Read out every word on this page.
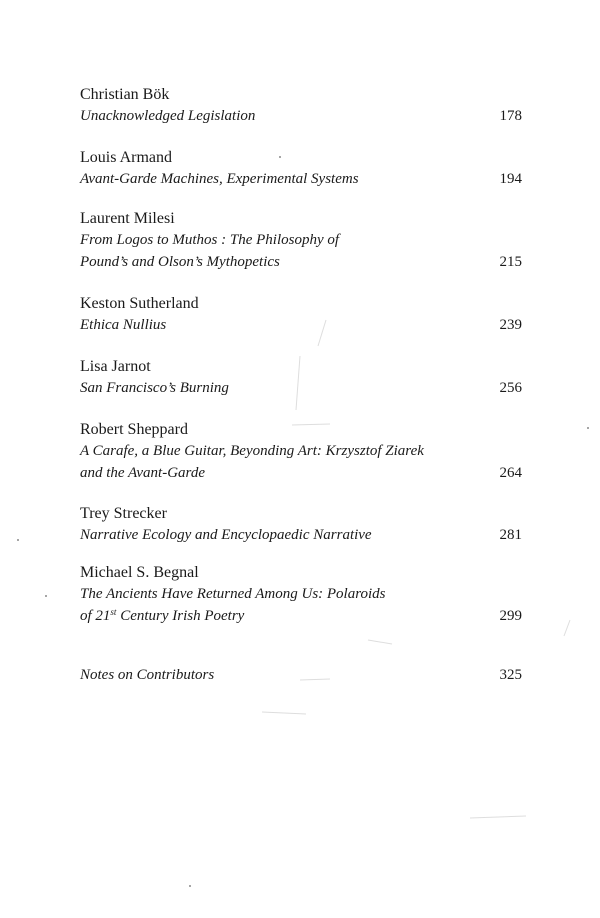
Christian Bök

Unacknowledged Legislation	178

Louis Armand

Avant-Garde Machines, Experimental Systems	194

Laurent Milesi

From Logos to Muthos : The Philosophy of

Pound’s and Olson’s Mythopetics	215

Keston Sutherland

Ethica Nullius	239

Lisa Jarnot

San Francisco’s Burning	256

Robert Sheppard

A Carafe, a Blue Guitar, Beyonding Art: Krzysztof Ziarek

and the Avant-Garde	264

Trey Strecker

Narrative Ecology and Encyclopaedic Narrative	281

Michael S. Begnal

The Ancients Have Returned Among Us: Polaroids

of 21st Century Irish Poetry	299

Notes on Contributors	325
